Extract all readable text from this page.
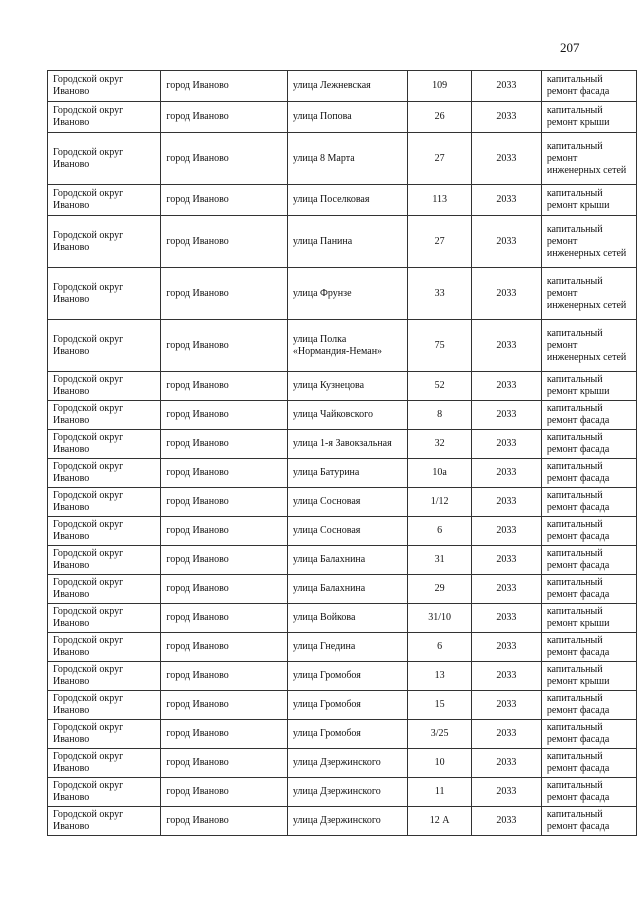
207
Городской округ Иваново	город Иваново	улица Лежневская	109	2033	капитальный ремонт фасада
Городской округ Иваново	город Иваново	улица Попова	26	2033	капитальный ремонт крыши
Городской округ Иваново	город Иваново	улица 8 Марта	27	2033	капитальный ремонт инженерных сетей
Городской округ Иваново	город Иваново	улица Поселковая	113	2033	капитальный ремонт крыши
Городской округ Иваново	город Иваново	улица Панина	27	2033	капитальный ремонт инженерных сетей
Городской округ Иваново	город Иваново	улица Фрунзе	33	2033	капитальный ремонт инженерных сетей
Городской округ Иваново	город Иваново	улица Полка «Нормандия-Неман»	75	2033	капитальный ремонт инженерных сетей
Городской округ Иваново	город Иваново	улица Кузнецова	52	2033	капитальный ремонт крыши
Городской округ Иваново	город Иваново	улица Чайковского	8	2033	капитальный ремонт фасада
Городской округ Иваново	город Иваново	улица 1-я Завокзальная	32	2033	капитальный ремонт фасада
Городской округ Иваново	город Иваново	улица Батурина	10а	2033	капитальный ремонт фасада
Городской округ Иваново	город Иваново	улица Сосновая	1/12	2033	капитальный ремонт фасада
Городской округ Иваново	город Иваново	улица Сосновая	6	2033	капитальный ремонт фасада
Городской округ Иваново	город Иваново	улица Балахнина	31	2033	капитальный ремонт фасада
Городской округ Иваново	город Иваново	улица Балахнина	29	2033	капитальный ремонт фасада
Городской округ Иваново	город Иваново	улица Войкова	31/10	2033	капитальный ремонт крыши
Городской округ Иваново	город Иваново	улица Гнедина	6	2033	капитальный ремонт фасада
Городской округ Иваново	город Иваново	улица Громобоя	13	2033	капитальный ремонт крыши
Городской округ Иваново	город Иваново	улица Громобоя	15	2033	капитальный ремонт фасада
Городской округ Иваново	город Иваново	улица Громобоя	3/25	2033	капитальный ремонт фасада
Городской округ Иваново	город Иваново	улица Дзержинского	10	2033	капитальный ремонт фасада
Городской округ Иваново	город Иваново	улица Дзержинского	11	2033	капитальный ремонт фасада
Городской округ Иваново	город Иваново	улица Дзержинского	12 А	2033	капитальный ремонт фасада
